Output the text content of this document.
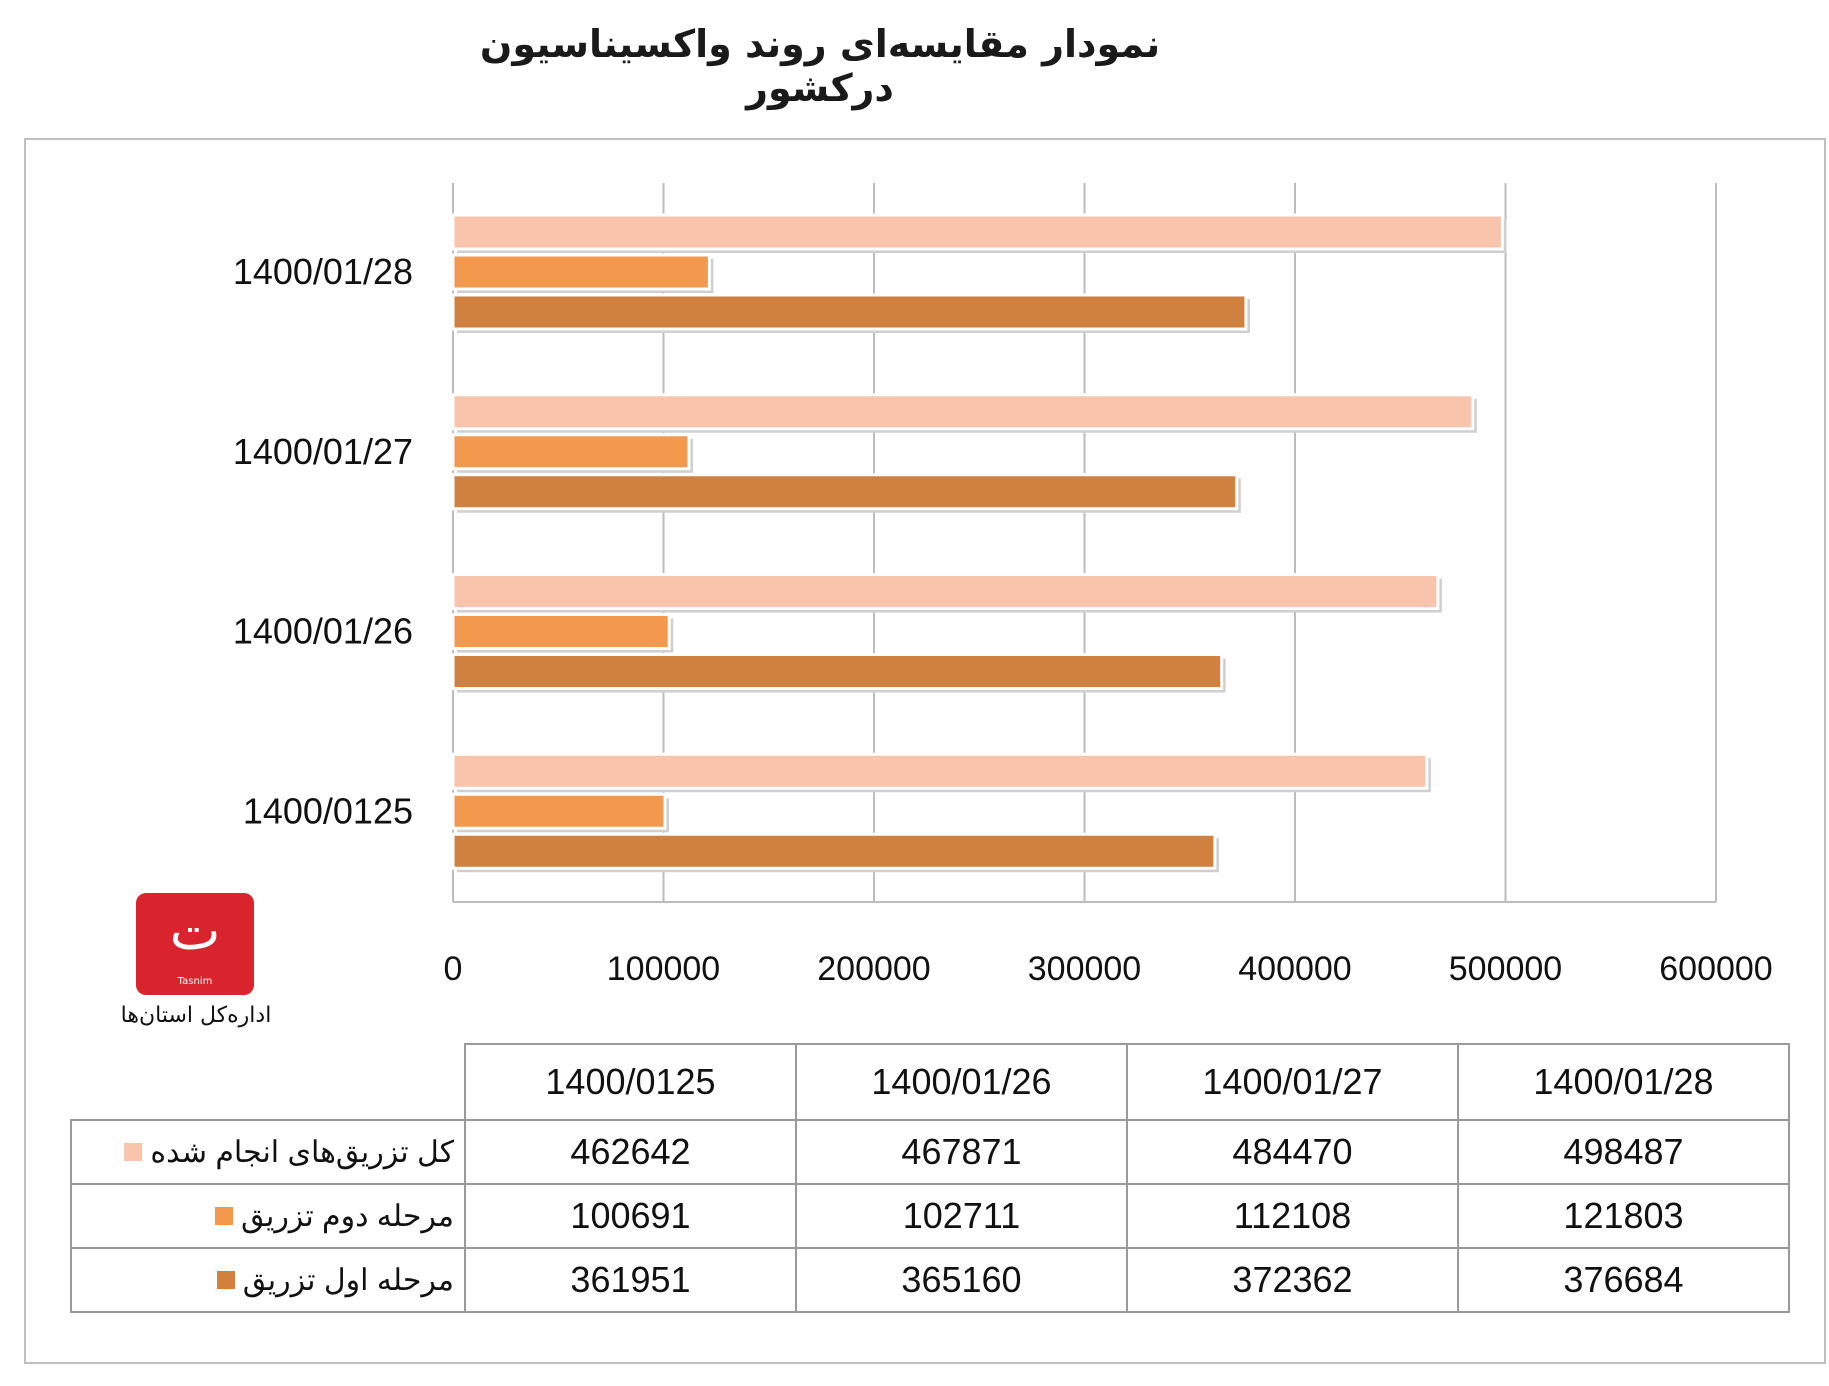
نمودار مقایسه‌ای روند واکسیناسیون درکشور
0	100000	200000	300000	400000	500000	600000
1400/01/28
1400/01/27
1400/01/26
1400/0125
ت
Tasnim
اداره‌کل استان‌ها
	1400/0125	1400/01/26	1400/01/27	1400/01/28

کل تزریق‌های انجام شده	462642	467871	484470	498487

مرحله دوم تزریق	100691	102711	112108	121803

مرحله اول تزریق	361951	365160	372362	376684
